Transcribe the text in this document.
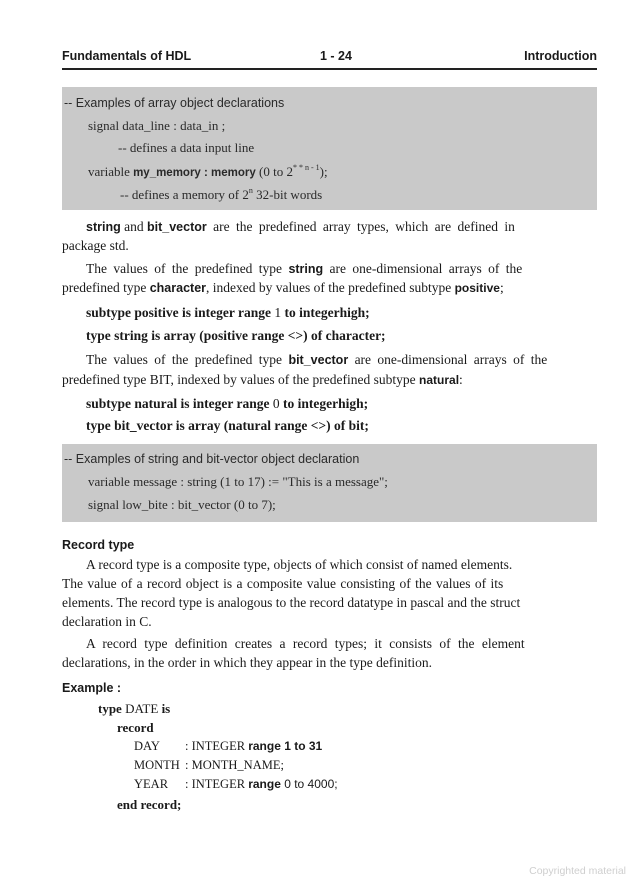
Fundamentals of HDL	1 - 24	Introduction
-- Examples of array object declarations
signal data_line : data_in ;
-- defines a data input line
variable my_memory : memory (0 to $2^{* * n - 1}$);
-- defines a memory of 2$^n$ 32-bit words
string and bit_vector are the predefined array types, which are defined in
package std.
The values of the predefined type string are one-dimensional arrays of the
predefined type character, indexed by values of the predefined subtype positive;
subtype positive is integer range 1 to integerhigh;
type string is array (positive range <>) of character;
The values of the predefined type bit_vector are one-dimensional arrays of the
predefined type BIT, indexed by values of the predefined subtype natural:
subtype natural is integer range 0 to integerhigh;
type bit_vector is array (natural range <>) of bit;
-- Examples of string and bit-vector object declaration
variable message : string (1 to 17) := "This is a message";
signal low_bite : bit_vector (0 to 7);
Record type
A record type is a composite type, objects of which consist of named elements.
The value of a record object is a composite value consisting of the values of its
elements. The record type is analogous to the record datatype in pascal and the struct
declaration in C.
A record type definition creates a record types; it consists of the element
declarations, in the order in which they appear in the type definition.
Example :
type DATE is
record
DAY : INTEGER range 1 to 31
MONTH : MONTH_NAME;
YEAR : INTEGER range 0 to 4000;
end record;
Copyrighted material
